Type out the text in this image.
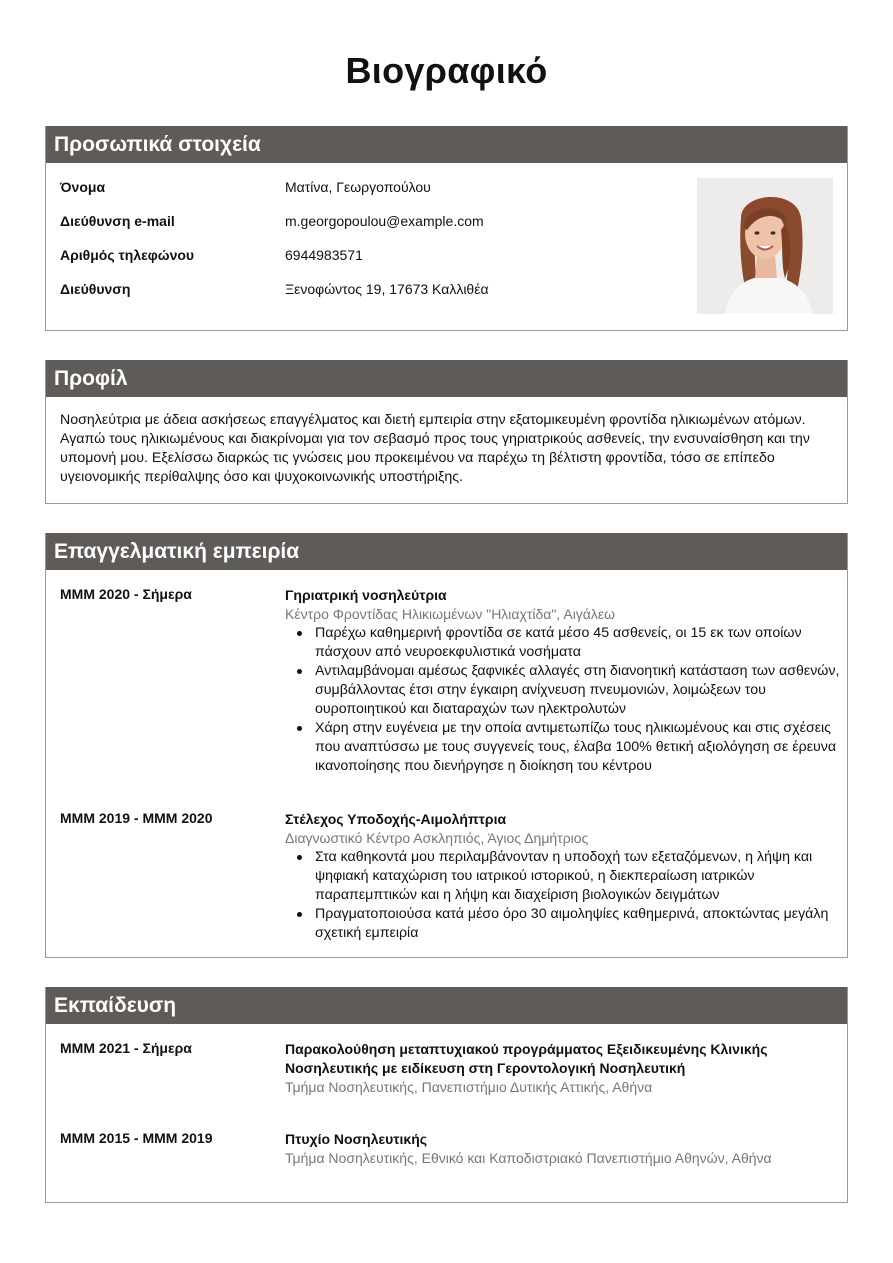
Βιογραφικό
Προσωπικά στοιχεία
Όνομα	Ματίνα, Γεωργοπούλου
Διεύθυνση e-mail	m.georgopoulou@example.com
Αριθμός τηλεφώνου	6944983571
Διεύθυνση	Ξενοφώντος 19, 17673 Καλλιθέα
Προφίλ
Νοσηλεύτρια με άδεια ασκήσεως επαγγέλματος και διετή εμπειρία στην εξατομικευμένη φροντίδα ηλικιωμένων ατόμων. Αγαπώ τους ηλικιωμένους και διακρίνομαι για τον σεβασμό προς τους γηριατρικούς ασθενείς, την ενσυναίσθηση και την υπομονή μου. Εξελίσσω διαρκώς τις γνώσεις μου προκειμένου να παρέχω τη βέλτιστη φροντίδα, τόσο σε επίπεδο υγειονομικής περίθαλψης όσο και ψυχοκοινωνικής υποστήριξης.
Επαγγελματική εμπειρία
ΜΜΜ 2020 - Σήμερα	Γηριατρική νοσηλεύτρια
Κέντρο Φροντίδας Ηλικιωμένων "Ηλιαχτίδα", Αιγάλεω
Παρέχω καθημερινή φροντίδα σε κατά μέσο 45 ασθενείς, οι 15 εκ των οποίων πάσχουν από νευροεκφυλιστικά νοσήματα
Αντιλαμβάνομαι αμέσως ξαφνικές αλλαγές στη διανοητική κατάσταση των ασθενών, συμβάλλοντας έτσι στην έγκαιρη ανίχνευση πνευμονιών, λοιμώξεων του ουροποιητικού και διαταραχών των ηλεκτρολυτών
Χάρη στην ευγένεια με την οποία αντιμετωπίζω τους ηλικιωμένους και στις σχέσεις που αναπτύσσω με τους συγγενείς τους, έλαβα 100% θετική αξιολόγηση σε έρευνα ικανοποίησης που διενήργησε η διοίκηση του κέντρου
ΜΜΜ 2019 - ΜΜΜ 2020	Στέλεχος Υποδοχής-Αιμολήπτρια
Διαγνωστικό Κέντρο Ασκληπιός, Άγιος Δημήτριος
Στα καθηκοντά μου περιλαμβάνονταν η υποδοχή των εξεταζόμενων, η λήψη και ψηφιακή καταχώριση του ιατρικού ιστορικού, η διεκπεραίωση ιατρικών παραπεμπτικών και η λήψη και διαχείριση βιολογικών δειγμάτων
Πραγματοποιούσα κατά μέσο όρο 30 αιμοληψίες καθημερινά, αποκτώντας μεγάλη σχετική εμπειρία
Εκπαίδευση
ΜΜΜ 2021 - Σήμερα	Παρακολούθηση μεταπτυχιακού προγράμματος Εξειδικευμένης Κλινικής Νοσηλευτικής με ειδίκευση στη Γεροντολογική Νοσηλευτική
Τμήμα Νοσηλευτικής, Πανεπιστήμιο Δυτικής Αττικής, Αθήνα
ΜΜΜ 2015 - ΜΜΜ 2019	Πτυχίο Νοσηλευτικής
Τμήμα Νοσηλευτικής, Εθνικό και Καποδιστριακό Πανεπιστήμιο Αθηνών, Αθήνα
